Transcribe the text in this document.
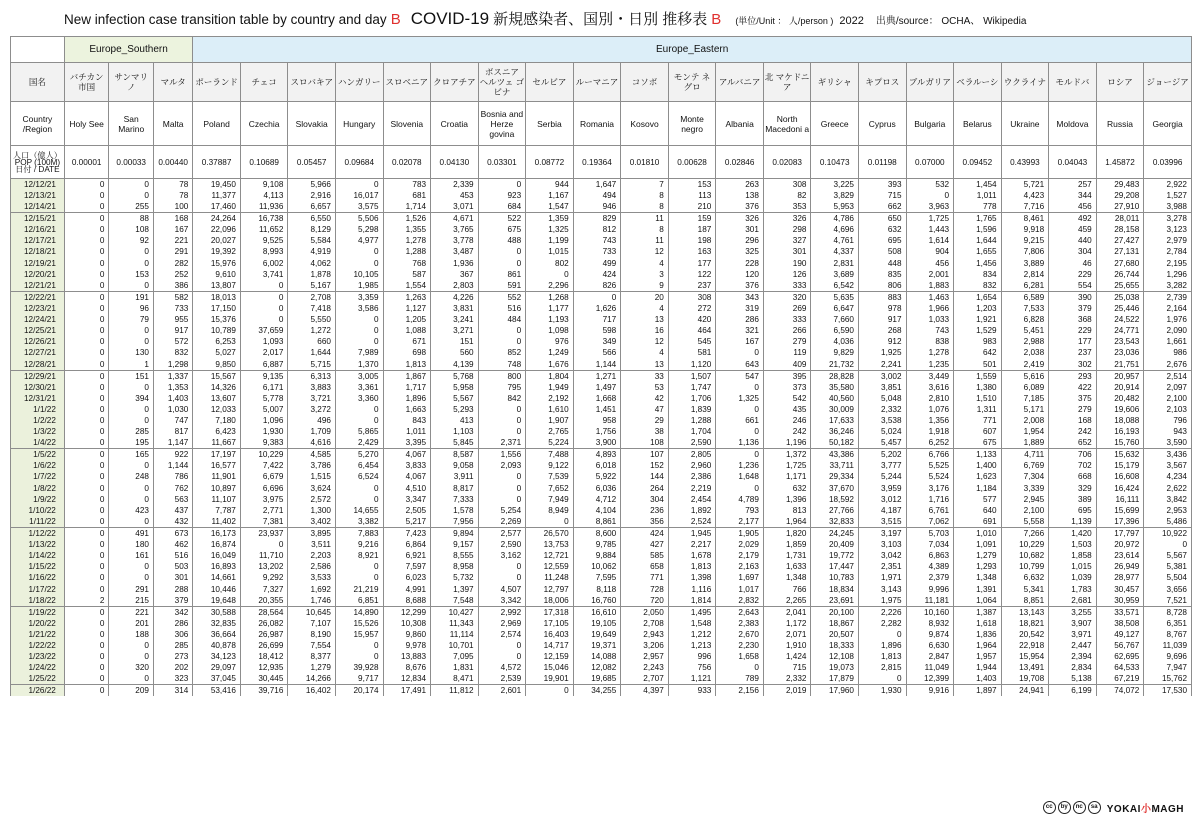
New infection case transition table by country and day B COVID-19 新規感染者、国別・日別 推移表 B (単位/Unit ： 人/person ) 2022 出典/source： OCHA、 Wikipedia
	Europe_Southern			Europe_Eastern																				
国名	バチカン市国	サンマリノ	マルタ	ポーランド	チェコ	スロバキア	ハンガリー	スロベニア	クロアチア	ボスニア ヘルツェ ゴビナ	セルビア	ルーマニア	コソボ	モンテ ネグロ	アルバニア	北 マケドニア	ギリシャ	キプロス	ブルガリア	ベラルーシ	ウクライナ	モルドバ	ロシア	ジョージア
Country /Region	Holy See	San Marino	Malta	Poland	Czechia	Slovakia	Hungary	Slovenia	Croatia	Bosnia and Herze govina	Serbia	Romania	Kosovo	Monte negro	Albania	North Macedoni a	Greece	Cyprus	Bulgaria	Belarus	Ukraine	Moldova	Russia	Georgia
人口（億人） POP (100M) 日付 / DATE	0.00001	0.00033	0.00440	0.37887	0.10689	0.05457	0.09684	0.02078	0.04130	0.03301	0.08772	0.19364	0.01810	0.00628	0.02846	0.02083	0.10473	0.01198	0.07000	0.09452	0.43993	0.04043	1.45872	0.03996
12/12/21	0	0	78	19,450	9,108	5,966	0	783	2,339	0	944	1,647	7	153	263	308	3,225	393	532	1,454	5,721	257	29,483	2,922
12/13/21	0	0	78	11,377	4,113	2,916	16,017	681	453	923	1,167	494	8	113	138	82	3,829	715	0	1,011	4,423	344	29,208	1,527
12/14/21	0	255	100	17,460	11,936	6,657	3,575	1,714	3,071	684	1,547	946	8	210	376	353	5,953	662	3,963	778	7,716	456	27,910	3,988
12/15/21	0	88	168	24,264	16,738	6,550	5,506	1,526	4,671	522	1,359	829	11	159	326	326	4,786	650	1,725	1,765	8,461	492	28,011	3,278
12/16/21	0	108	167	22,096	11,652	8,129	5,298	1,355	3,765	675	1,325	812	8	187	301	298	4,696	632	1,443	1,596	9,918	459	28,158	3,123
12/17/21	0	92	221	20,027	9,525	5,584	4,977	1,278	3,778	488	1,199	743	11	198	296	327	4,761	695	1,614	1,644	9,215	440	27,427	2,979
12/18/21	0	0	291	19,392	8,993	4,919	0	1,288	3,487	0	1,015	733	12	163	325	301	4,337	508	904	1,655	7,806	304	27,131	2,784
12/19/21	0	0	282	15,976	6,002	4,062	0	768	1,936	0	802	499	4	177	228	190	2,831	448	456	1,456	3,889	46	27,680	2,195
12/20/21	0	153	252	9,610	3,741	1,878	10,105	587	367	861	0	424	3	122	120	126	3,689	835	2,001	834	2,814	229	26,744	1,296
12/21/21	0	0	386	13,807	0	5,167	1,985	1,554	2,803	591	2,296	826	9	237	376	333	6,542	806	1,883	832	6,281	554	25,655	3,282
12/22/21	0	191	582	18,013	0	2,708	3,359	1,263	4,226	552	1,268	0	20	308	343	320	5,635	883	1,463	1,654	6,589	390	25,038	2,739
12/23/21	0	96	733	17,150	0	7,418	3,586	1,127	3,831	516	1,177	1,626	4	272	319	269	6,647	978	1,966	1,203	7,533	379	25,446	2,164
12/24/21	0	79	955	15,376	0	5,550	0	1,205	3,241	484	1,193	717	13	420	286	333	7,660	917	1,033	1,921	6,828	368	24,522	1,976
12/25/21	0	0	917	10,789	37,659	1,272	0	1,088	3,271	0	1,098	598	16	464	321	266	6,590	268	743	1,529	5,451	229	24,771	2,090
12/26/21	0	0	572	6,253	1,093	660	0	671	151	0	976	349	12	545	167	279	4,036	912	838	983	2,988	177	23,543	1,661
12/27/21	0	130	832	5,027	2,017	1,644	7,989	698	560	852	1,249	566	4	581	0	119	9,829	1,925	1,278	642	2,038	237	23,036	986
12/28/21	0	1	1,298	9,850	6,887	5,715	1,370	1,813	4,139	748	1,676	1,144	13	1,120	643	409	21,732	2,241	1,235	501	2,419	302	21,751	2,676
12/29/21	0	151	1,337	15,567	9,135	6,313	3,005	1,867	5,768	800	1,804	1,271	33	1,507	547	395	28,828	3,002	3,449	1,559	5,616	293	20,957	2,514
12/30/21	0	0	1,353	14,326	6,171	3,883	3,361	1,717	5,958	795	1,949	1,497	53	1,747	0	373	35,580	3,851	3,616	1,380	6,089	422	20,914	2,097
12/31/21	0	394	1,403	13,607	5,778	3,721	3,360	1,896	5,567	842	2,192	1,668	42	1,706	1,325	542	40,560	5,048	2,810	1,510	7,185	375	20,482	2,100
1/1/22	0	0	1,030	12,033	5,007	3,272	0	1,663	5,293	0	1,610	1,451	47	1,839	0	435	30,009	2,332	1,076	1,311	5,171	279	19,606	2,103
1/2/22	0	0	747	7,180	1,096	496	0	843	413	0	1,907	958	29	1,288	661	246	17,633	3,538	1,356	771	2,008	168	18,088	796
1/3/22	0	285	817	6,423	1,930	1,709	5,865	1,011	1,103	0	2,765	1,756	38	1,704	0	242	36,246	5,024	1,918	607	1,954	242	16,193	943
1/4/22	0	195	1,147	11,667	9,383	4,616	2,429	3,395	5,845	2,371	5,224	3,900	108	2,590	1,136	1,196	50,182	5,457	6,252	675	1,889	652	15,760	3,590
1/5/22	0	165	922	17,197	10,229	4,585	5,270	4,067	8,587	1,556	7,488	4,893	107	2,805	0	1,372	43,386	5,202	6,766	1,133	4,711	706	15,632	3,436
1/6/22	0	0	1,144	16,577	7,422	3,786	6,454	3,833	9,058	2,093	9,122	6,018	152	2,960	1,236	1,725	33,711	3,777	5,525	1,400	6,769	702	15,179	3,567
1/7/22	0	248	786	11,901	6,679	1,515	6,524	4,067	3,911	0	7,539	5,922	144	2,386	1,648	1,171	29,334	5,244	5,524	1,623	7,304	668	16,608	4,234
1/8/22	0	0	762	10,897	6,696	3,624	0	4,510	8,817	0	7,652	6,036	264	2,219	0	632	37,670	3,959	3,176	1,184	3,339	329	16,424	2,622
1/9/22	0	0	563	11,107	3,975	2,572	0	3,347	7,333	0	7,949	4,712	304	2,454	4,789	1,396	18,592	3,012	1,716	577	2,945	389	16,111	3,842
1/10/22	0	423	437	7,787	2,771	1,300	14,655	2,505	1,578	5,254	8,949	4,104	236	1,892	793	813	27,766	4,187	6,761	640	2,100	695	15,699	2,953
1/11/22	0	0	432	11,402	7,381	3,402	3,382	5,217	7,956	2,269	0	8,861	356	2,524	2,177	1,964	32,833	3,515	7,062	691	5,558	1,139	17,396	5,486
1/12/22	0	491	673	16,173	23,937	3,895	7,883	7,423	9,894	2,577	26,570	8,600	424	1,945	1,905	1,820	24,245	3,197	5,703	1,010	7,266	1,420	17,797	10,922
1/13/22	0	180	462	16,874	0	3,511	9,216	6,864	9,157	2,590	13,753	9,785	427	2,217	2,029	1,859	20,409	3,103	7,034	1,091	10,229	1,503	20,972	0
1/14/22	0	161	516	16,049	11,710	2,203	8,921	6,921	8,555	3,162	12,721	9,884	585	1,678	2,179	1,731	19,772	3,042	6,863	1,279	10,682	1,858	23,614	5,567
1/15/22	0	0	503	16,893	13,202	2,586	0	7,597	8,958	0	12,559	10,062	658	1,813	2,163	1,633	17,447	2,351	4,389	1,293	10,799	1,015	26,949	5,381
1/16/22	0	0	301	14,661	9,292	3,533	0	6,023	5,732	0	11,248	7,595	771	1,398	1,697	1,348	10,783	1,971	2,379	1,348	6,632	1,039	28,977	5,504
1/17/22	0	291	288	10,446	7,327	1,692	21,219	4,991	1,397	4,507	12,797	8,118	728	1,116	1,017	766	18,834	3,143	9,996	1,391	5,341	1,783	30,457	3,656
1/18/22	2	215	379	19,648	20,355	1,746	6,851	8,688	7,548	3,342	18,006	16,760	720	1,814	2,832	2,265	23,691	1,975	11,181	1,064	8,851	2,681	30,959	7,521
1/19/22	0	221	342	30,588	28,564	10,645	14,890	12,299	10,427	2,992	17,318	16,610	2,050	1,495	2,643	2,041	20,100	2,226	10,160	1,387	13,143	3,255	33,571	8,728
1/20/22	0	201	286	32,835	26,082	7,107	15,526	10,308	11,343	2,969	17,105	19,105	2,708	1,548	2,383	1,172	18,867	2,282	8,932	1,618	18,821	3,907	38,508	6,351
1/21/22	0	188	306	36,664	26,987	8,190	15,957	9,860	11,114	2,574	16,403	19,649	2,943	1,212	2,670	2,071	20,507	0	9,874	1,836	20,542	3,971	49,127	8,767
1/22/22	0	0	285	40,878	26,699	7,554	0	9,978	10,701	0	14,717	19,371	3,206	1,213	2,230	1,910	18,333	1,896	6,630	1,964	22,918	2,447	56,767	11,039
1/23/22	0	0	273	34,123	18,412	8,377	0	13,883	7,095	0	12,159	14,088	2,957	996	1,658	1,424	12,108	1,813	2,847	1,957	15,954	2,394	62,695	9,696
1/24/22	0	320	202	29,097	12,935	1,279	39,928	8,676	1,831	4,572	15,046	12,082	2,243	756	0	715	19,073	2,815	11,049	1,944	13,491	2,834	64,533	7,947
1/25/22	0	0	323	37,045	30,445	14,266	9,717	12,834	8,471	2,539	19,901	19,685	2,707	1,121	789	2,332	17,879	0	12,399	1,403	19,708	5,138	67,219	15,762
1/26/22	0	209	314	53,416	39,716	16,402	20,174	17,491	11,812	2,601	0	34,255	4,397	933	2,156	2,019	17,960	1,930	9,916	1,897	24,941	6,199	74,072	17,530
cc	by	nc	sa YOKAI小MAGH
